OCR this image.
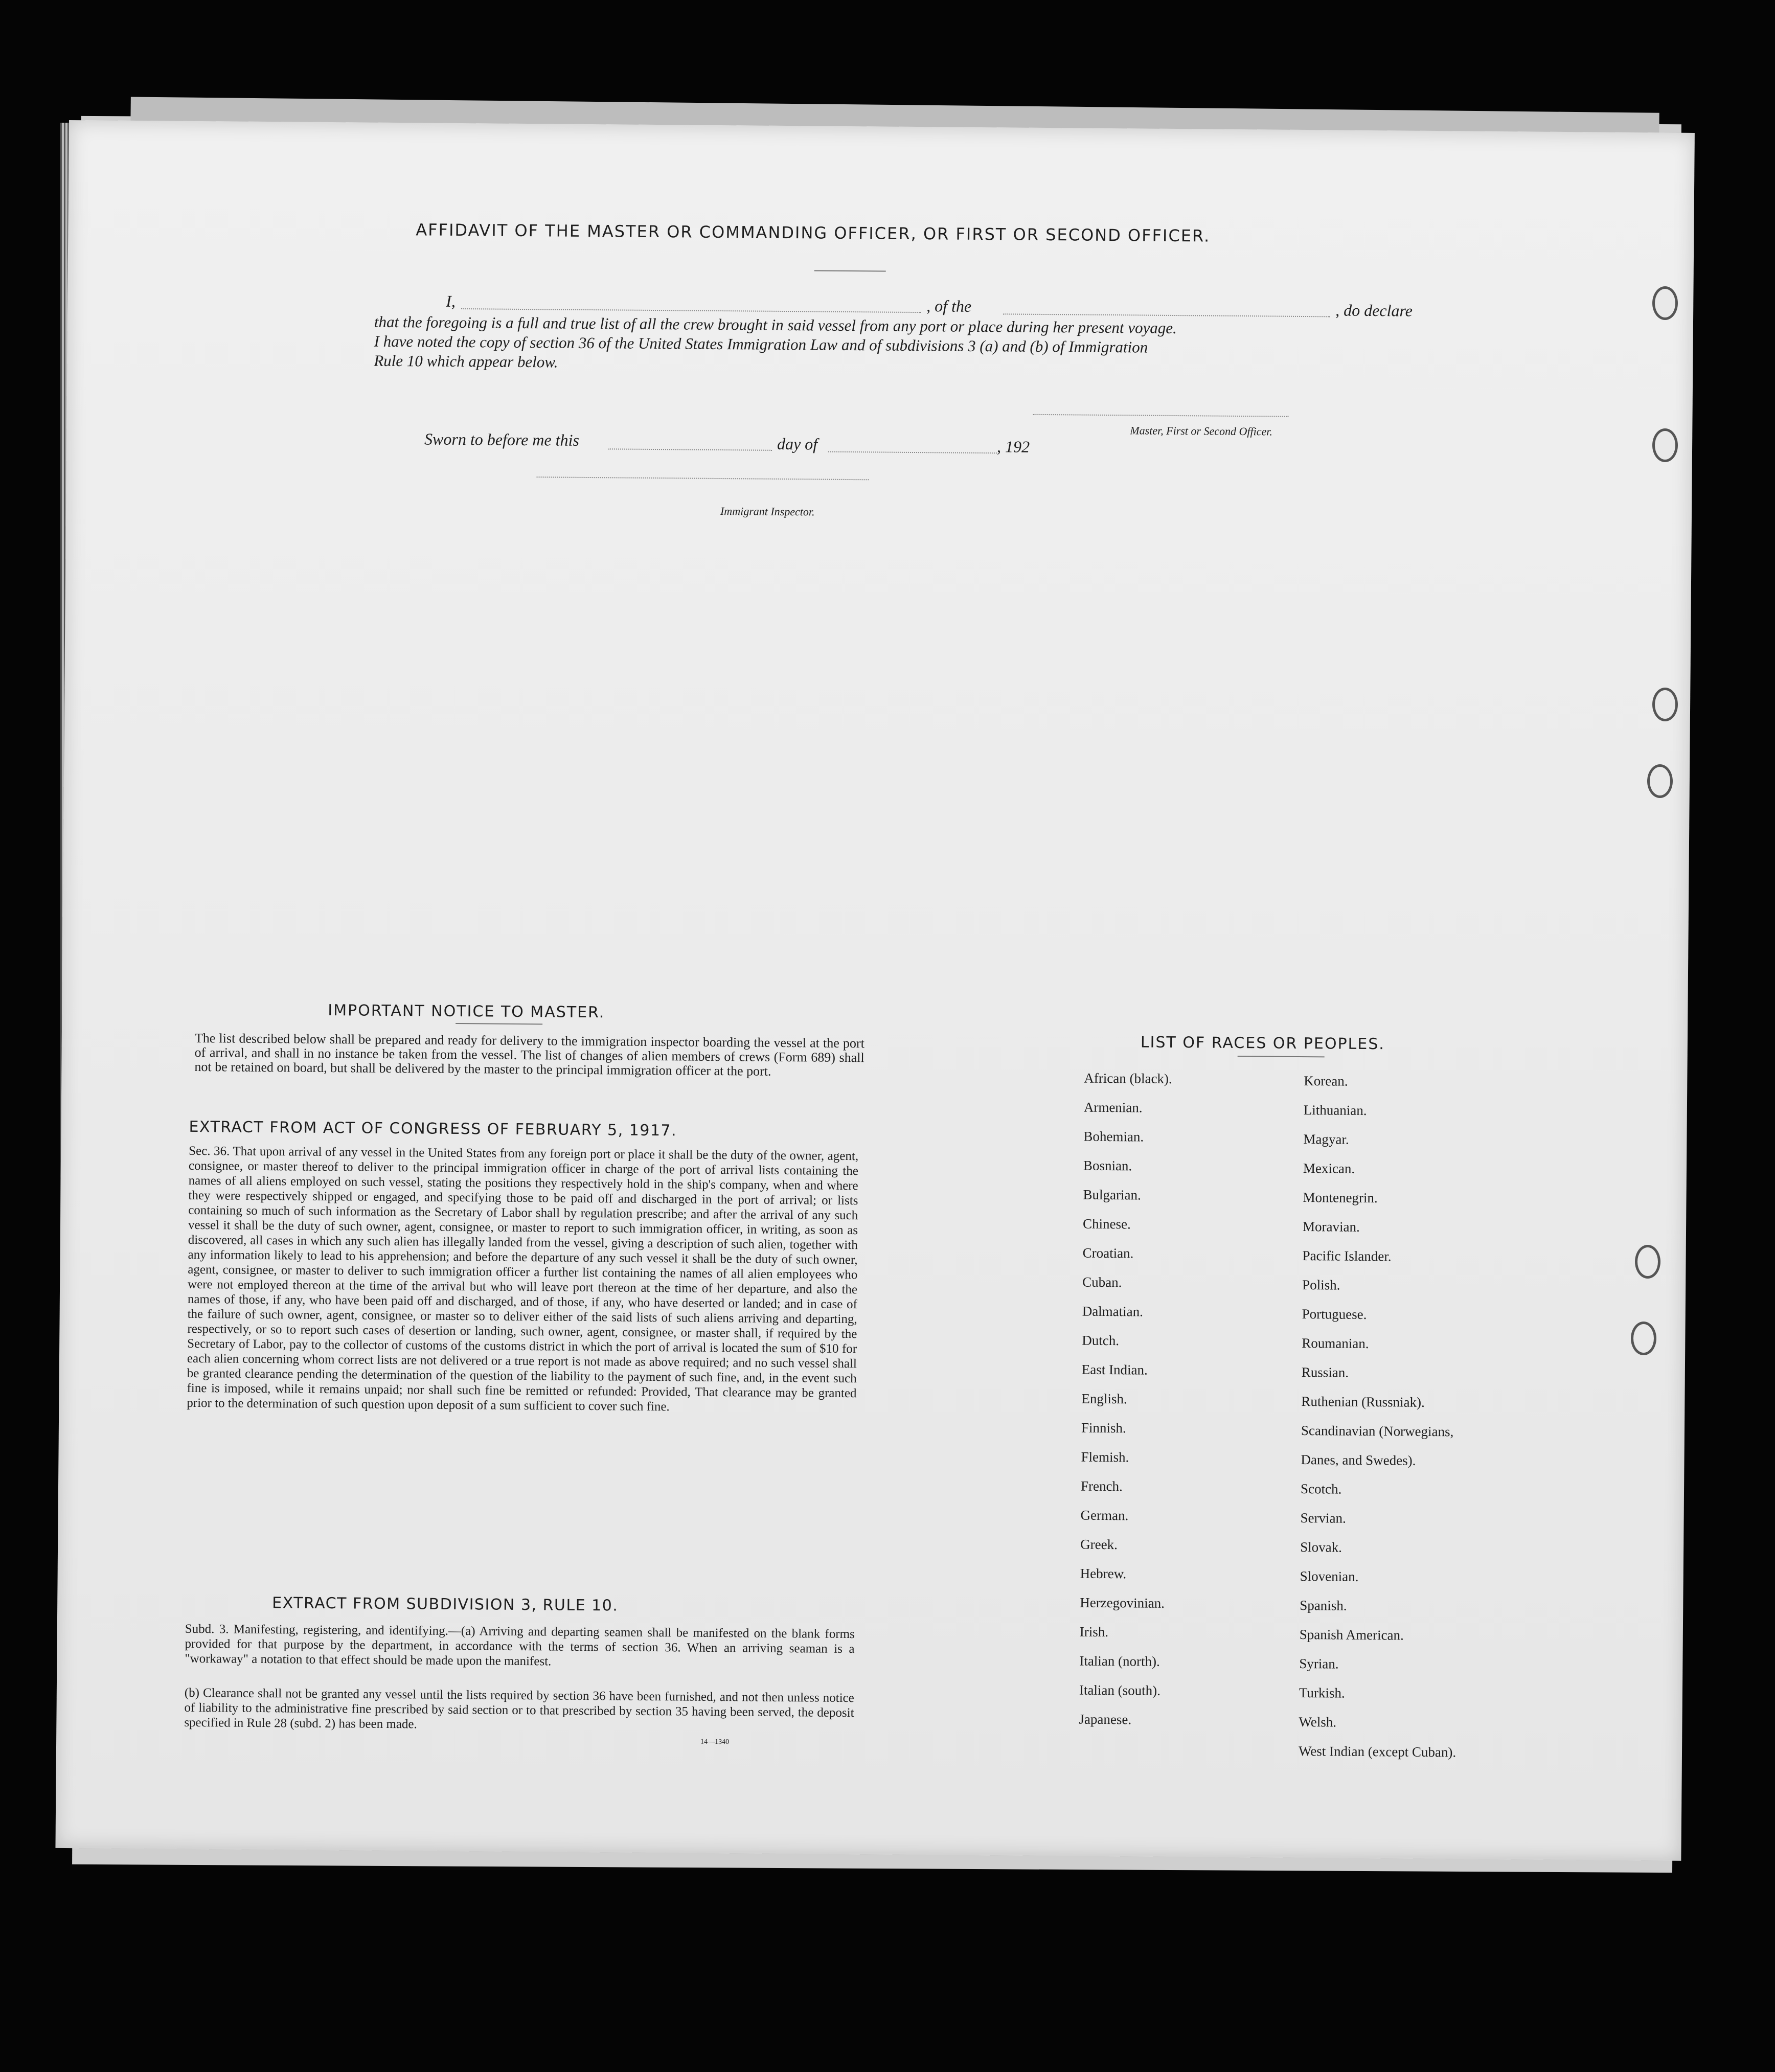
AFFIDAVIT OF THE MASTER OR COMMANDING OFFICER, OR FIRST OR SECOND OFFICER.
I,	, of the	, do declare
that the foregoing is a full and true list of all the crew brought in said vessel from any port or place during her present voyage.
I have noted the copy of section 36 of the United States Immigration Law and of subdivisions 3 (a) and (b) of Immigration
Rule 10 which appear below.
Master, First or Second Officer.
Sworn to before me this	day of	, 192
Immigrant Inspector.
IMPORTANT NOTICE TO MASTER.
The list described below shall be prepared and ready for delivery to the immigration inspector boarding the vessel at the port of arrival, and shall in no instance be taken from the vessel. The list of changes of alien members of crews (Form 689) shall not be retained on board, but shall be delivered by the master to the principal immigration officer at the port.
EXTRACT FROM ACT OF CONGRESS OF FEBRUARY 5, 1917.
Sec. 36. That upon arrival of any vessel in the United States from any foreign port or place it shall be the duty of the owner, agent, consignee, or master thereof to deliver to the principal immigration officer in charge of the port of arrival lists containing the names of all aliens employed on such vessel, stating the positions they respectively hold in the ship's company, when and where they were respectively shipped or engaged, and specifying those to be paid off and discharged in the port of arrival; or lists containing so much of such information as the Secretary of Labor shall by regulation prescribe; and after the arrival of any such vessel it shall be the duty of such owner, agent, consignee, or master to report to such immigration officer, in writing, as soon as discovered, all cases in which any such alien has illegally landed from the vessel, giving a description of such alien, together with any information likely to lead to his apprehension; and before the departure of any such vessel it shall be the duty of such owner, agent, consignee, or master to deliver to such immigration officer a further list containing the names of all alien employees who were not employed thereon at the time of the arrival but who will leave port thereon at the time of her departure, and also the names of those, if any, who have been paid off and discharged, and of those, if any, who have deserted or landed; and in case of the failure of such owner, agent, consignee, or master so to deliver either of the said lists of such aliens arriving and departing, respectively, or so to report such cases of desertion or landing, such owner, agent, consignee, or master shall, if required by the Secretary of Labor, pay to the collector of customs of the customs district in which the port of arrival is located the sum of $10 for each alien concerning whom correct lists are not delivered or a true report is not made as above required; and no such vessel shall be granted clearance pending the determination of the question of the liability to the payment of such fine, and, in the event such fine is imposed, while it remains unpaid; nor shall such fine be remitted or refunded: Provided, That clearance may be granted prior to the determination of such question upon deposit of a sum sufficient to cover such fine.
EXTRACT FROM SUBDIVISION 3, RULE 10.
Subd. 3. Manifesting, registering, and identifying.—(a) Arriving and departing seamen shall be manifested on the blank forms provided for that purpose by the department, in accordance with the terms of section 36. When an arriving seaman is a "workaway" a notation to that effect should be made upon the manifest.
(b) Clearance shall not be granted any vessel until the lists required by section 36 have been furnished, and not then unless notice of liability to the administrative fine prescribed by said section or to that prescribed by section 35 having been served, the deposit specified in Rule 28 (subd. 2) has been made.
14—1340
LIST OF RACES OR PEOPLES.
African (black).
Armenian.
Bohemian.
Bosnian.
Bulgarian.
Chinese.
Croatian.
Cuban.
Dalmatian.
Dutch.
East Indian.
English.
Finnish.
Flemish.
French.
German.
Greek.
Hebrew.
Herzegovinian.
Irish.
Italian (north).
Italian (south).
Japanese.
Korean.
Lithuanian.
Magyar.
Mexican.
Montenegrin.
Moravian.
Pacific Islander.
Polish.
Portuguese.
Roumanian.
Russian.
Ruthenian (Russniak).
Scandinavian (Norwegians,
Danes, and Swedes).
Scotch.
Servian.
Slovak.
Slovenian.
Spanish.
Spanish American.
Syrian.
Turkish.
Welsh.
West Indian (except Cuban).
